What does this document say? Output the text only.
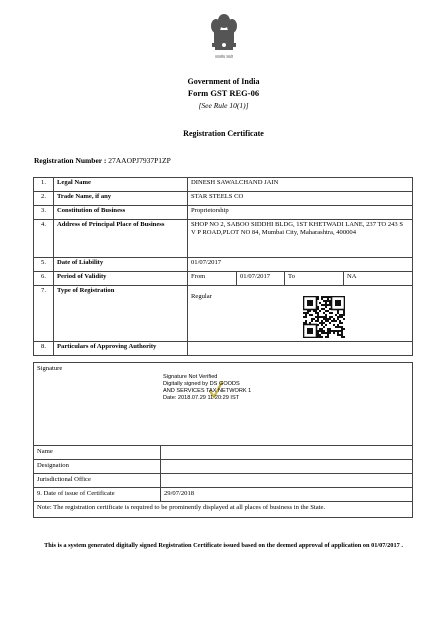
सत्यमेव जयते
Government of India
Form GST REG-06
[See Rule 10(1)]
Registration Certificate
Registration Number : 27AAOPJ7937P1ZP
1.	Legal Name	DINESH SAWALCHAND JAIN			
2.	Trade Name, if any	STAR STEELS CO			
3.	Constitution of Business	Proprietorship			
4.	Address of Principal Place of Business	SHOP NO 2, SABOO SIDDHI BLDG, 1ST KHETWADI LANE, 237 TO 243 S V P ROAD,PLOT NO 84, Mumbai City, Maharashtra, 400004			
5.	Date of Liability	01/07/2017			
6.	Period of Validity	From	01/07/2017	To	NA
7.	Type of Registration	Regular			

8.	Particulars of Approving Authority				
Signature
Signature Not Verified
Digitally signed by DS GOODS
AND SERVICES TAX NETWORK 1
Date: 2018.07.29 11:20:29 IST	

Name	
Designation	
Jurisdictional Office	
9. Date of issue of Certificate	29/07/2018
Note: The registration certificate is required to be prominently displayed at all places of business in the State.	
This is a system generated digitally signed Registration Certificate issued based on the deemed approval of application on 01/07/2017 .
